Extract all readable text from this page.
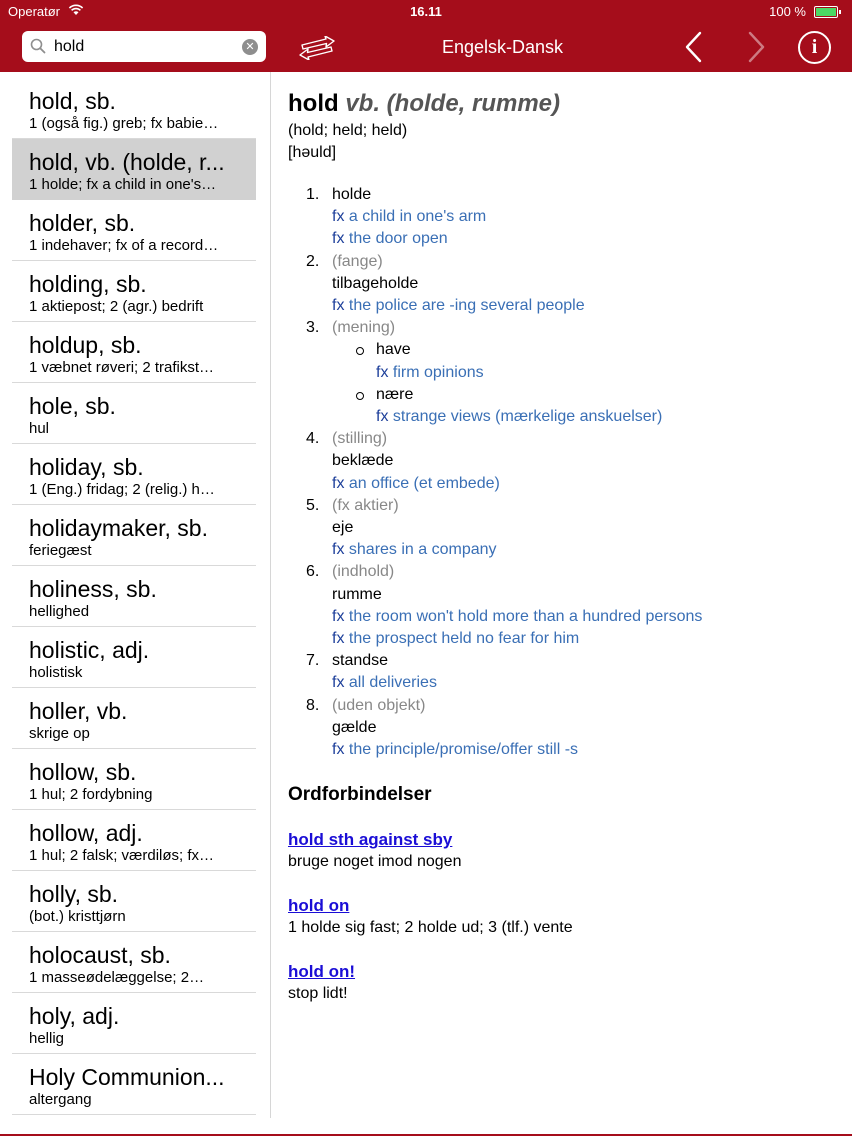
Operatør	16.11	100 %
hold
✕	Engelsk-Dansk	i
hold, sb.
1 (også fig.) greb; fx babie…
hold, vb. (holde, r...
1 holde; fx a child in one's…
holder, sb.
1 indehaver; fx of a record…
holding, sb.
1 aktiepost; 2 (agr.) bedrift
holdup, sb.
1 væbnet røveri; 2 trafikst…
hole, sb.
hul
holiday, sb.
1 (Eng.) fridag; 2 (relig.) h…
holidaymaker, sb.
feriegæst
holiness, sb.
hellighed
holistic, adj.
holistisk
holler, vb.
skrige op
hollow, sb.
1 hul; 2 fordybning
hollow, adj.
1 hul; 2 falsk; værdiløs; fx…
holly, sb.
(bot.) kristtjørn
holocaust, sb.
1 masseødelæggelse; 2…
holy, adj.
hellig
Holy Communion...
altergang
hold vb. (holde, rumme)
(hold; held; held)
[həuld]
1. holde
fx a child in one's arm
fx the door open
2. (fange)
tilbageholde
fx the police are -ing several people
3. (mening)
have
fx firm opinions
nære
fx strange views (mærkelige anskuelser)
4. (stilling)
beklæde
fx an office (et embede)
5. (fx aktier)
eje
fx shares in a company
6. (indhold)
rumme
fx the room won't hold more than a hundred persons
fx the prospect held no fear for him
7. standse
fx all deliveries
8. (uden objekt)
gælde
fx the principle/promise/offer still -s
Ordforbindelser
hold sth against sby
bruge noget imod nogen
hold on
1 holde sig fast; 2 holde ud; 3 (tlf.) vente
hold on!
stop lidt!
